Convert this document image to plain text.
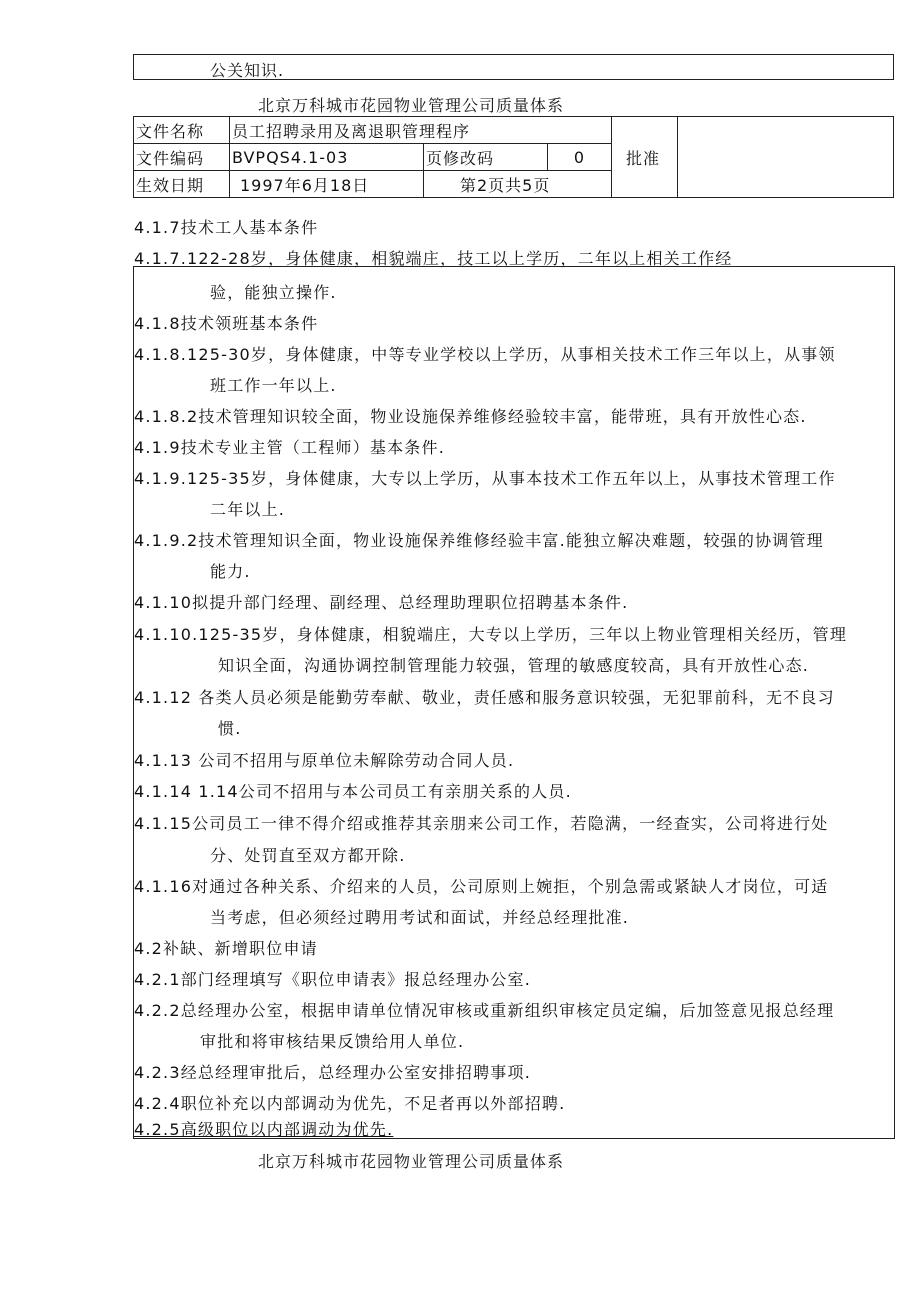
公关知识.
北京万科城市花园物业管理公司质量体系
文件名称	员工招聘录用及离退职管理程序			批准	
文件编码	BVPQS4.1-03	页修改码	0		
生效日期	1997年6月18日	第2页共5页			
4.1.7技术工人基本条件
4.1.7.122-28岁，身体健康，相貌端庄，技工以上学历，二年以上相关工作经
验，能独立操作.
4.1.8技术领班基本条件
4.1.8.125-30岁，身体健康，中等专业学校以上学历，从事相关技术工作三年以上，从事领
班工作一年以上.
4.1.8.2技术管理知识较全面，物业设施保养维修经验较丰富，能带班，具有开放性心态.
4.1.9技术专业主管（工程师）基本条件.
4.1.9.125-35岁，身体健康，大专以上学历，从事本技术工作五年以上，从事技术管理工作
二年以上.
4.1.9.2技术管理知识全面，物业设施保养维修经验丰富.能独立解决难题，较强的协调管理
能力.
4.1.10拟提升部门经理、副经理、总经理助理职位招聘基本条件.
4.1.10.125-35岁，身体健康，相貌端庄，大专以上学历，三年以上物业管理相关经历，管理
知识全面，沟通协调控制管理能力较强，管理的敏感度较高，具有开放性心态.
4.1.12 各类人员必须是能勤劳奉献、敬业，责任感和服务意识较强，无犯罪前科，无不良习
惯.
4.1.13 公司不招用与原单位未解除劳动合同人员.
4.1.14 1.14公司不招用与本公司员工有亲朋关系的人员.
4.1.15公司员工一律不得介绍或推荐其亲朋来公司工作，若隐满，一经查实，公司将进行处
分、处罚直至双方都开除.
4.1.16对通过各种关系、介绍来的人员，公司原则上婉拒，个别急需或紧缺人才岗位，可适
当考虑，但必须经过聘用考试和面试，并经总经理批准.
4.2补缺、新增职位申请
4.2.1部门经理填写《职位申请表》报总经理办公室.
4.2.2总经理办公室，根据申请单位情况审核或重新组织审核定员定编，后加签意见报总经理
审批和将审核结果反馈给用人单位.
4.2.3经总经理审批后，总经理办公室安排招聘事项.
4.2.4职位补充以内部调动为优先，不足者再以外部招聘.
4.2.5高级职位以内部调动为优先.
北京万科城市花园物业管理公司质量体系
